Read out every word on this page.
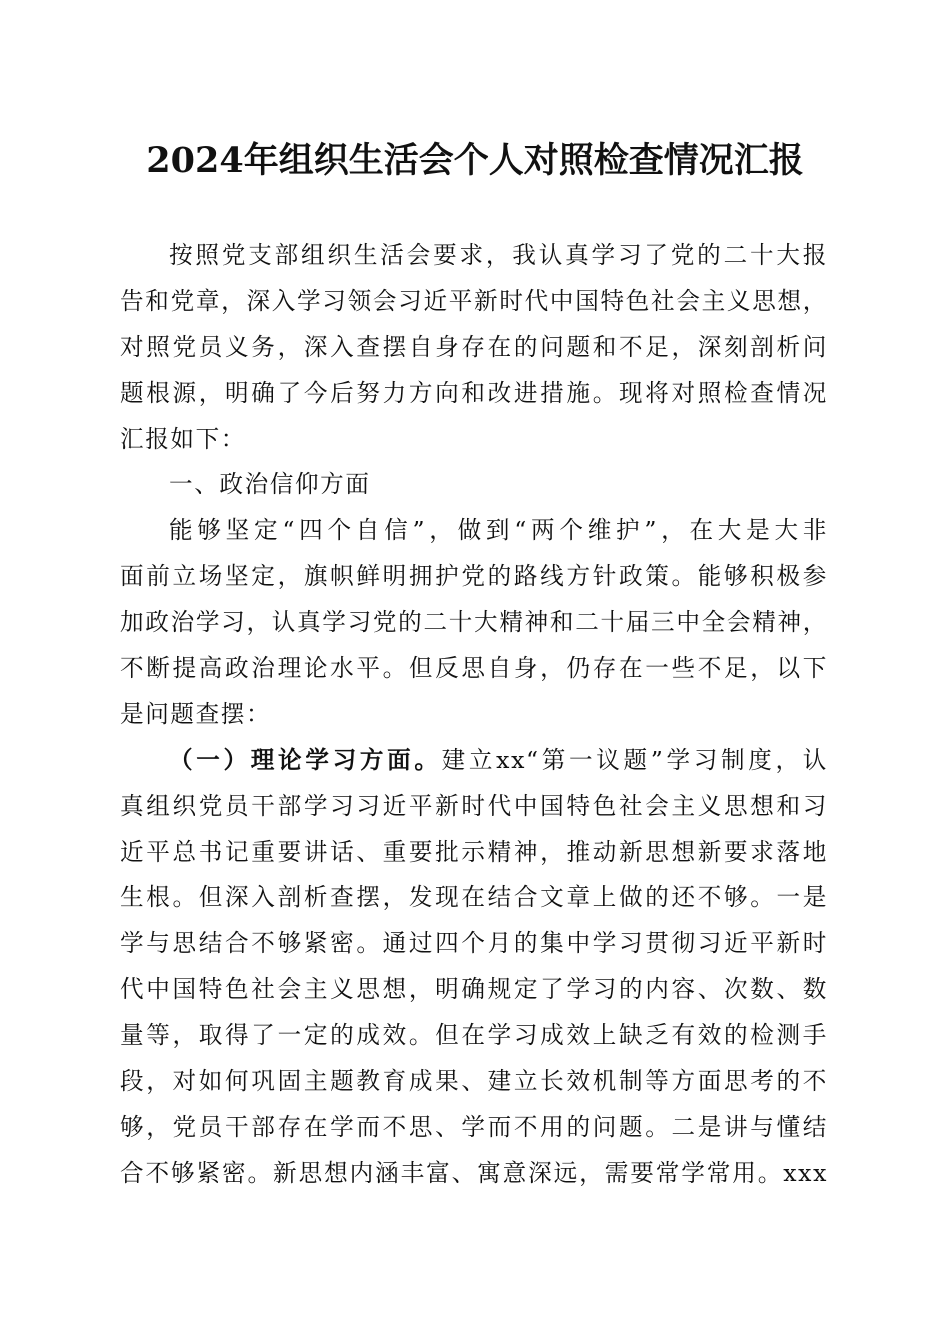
2024年组织生活会个人对照检查情况汇报
按照党支部组织生活会要求，我认真学习了党的二十大报
告和党章，深入学习领会习近平新时代中国特色社会主义思想，
对照党员义务，深入查摆自身存在的问题和不足，深刻剖析问
题根源，明确了今后努力方向和改进措施。现将对照检查情况
汇报如下：
一、政治信仰方面
能够坚定“四个自信”，做到“两个维护”，在大是大非
面前立场坚定，旗帜鲜明拥护党的路线方针政策。能够积极参
加政治学习，认真学习党的二十大精神和二十届三中全会精神，
不断提高政治理论水平。但反思自身，仍存在一些不足，以下
是问题查摆：
（一）理论学习方面。建立xx“第一议题”学习制度，认
真组织党员干部学习习近平新时代中国特色社会主义思想和习
近平总书记重要讲话、重要批示精神，推动新思想新要求落地
生根。但深入剖析查摆，发现在结合文章上做的还不够。一是
学与思结合不够紧密。通过四个月的集中学习贯彻习近平新时
代中国特色社会主义思想，明确规定了学习的内容、次数、数
量等，取得了一定的成效。但在学习成效上缺乏有效的检测手
段，对如何巩固主题教育成果、建立长效机制等方面思考的不
够，党员干部存在学而不思、学而不用的问题。二是讲与懂结
合不够紧密。新思想内涵丰富、寓意深远，需要常学常用。xxx
